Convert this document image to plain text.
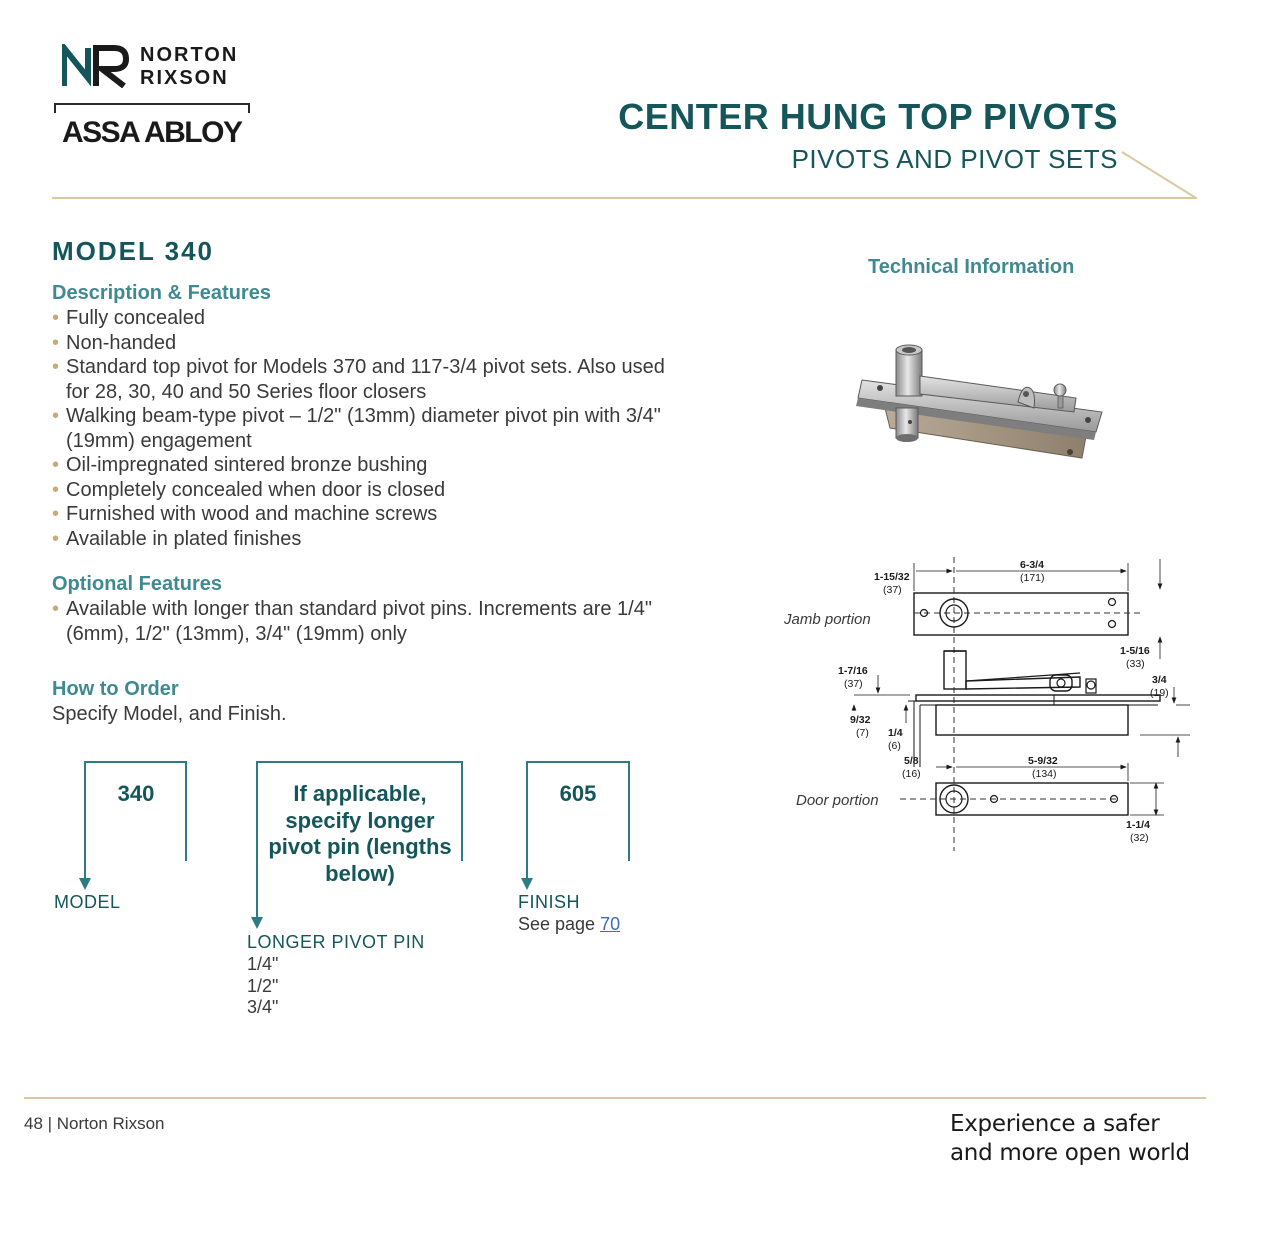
NORTON
RIXSON
ASSA ABLOY	CENTER HUNG TOP PIVOTS
PIVOTS AND PIVOT SETS
MODEL 340
Description & Features
• Fully concealed
• Non-handed
• Standard top pivot for Models 370 and 117-3/4 pivot sets. Also used for 28, 30, 40 and 50 Series floor closers
• Walking beam-type pivot – 1/2" (13mm) diameter pivot pin with 3/4" (19mm) engagement
• Oil-impregnated sintered bronze bushing
• Completely concealed when door is closed
• Furnished with wood and machine screws
• Available in plated finishes
Optional Features
• Available with longer than standard pivot pins. Increments are 1/4" (6mm), 1/2" (13mm), 3/4" (19mm) only
How to Order
Specify Model, and Finish.
340
MODEL
If applicable, specify longer pivot pin (lengths below)
LONGER PIVOT PIN
1/4"
1/2"
3/4"
605
FINISH
See page 70
Technical Information
Jamb portion
1-15/32
(37)
6-3/4
(171)
1-5/16
(33)
1-7/16
(37)	3/4
(19)
9/32
(7) 1/4
(6)
5/8
(16)
5-9/32
(134)
Door portion
1-1/4
(32)
48 | Norton Rixson	Experience a safer
and more open world
